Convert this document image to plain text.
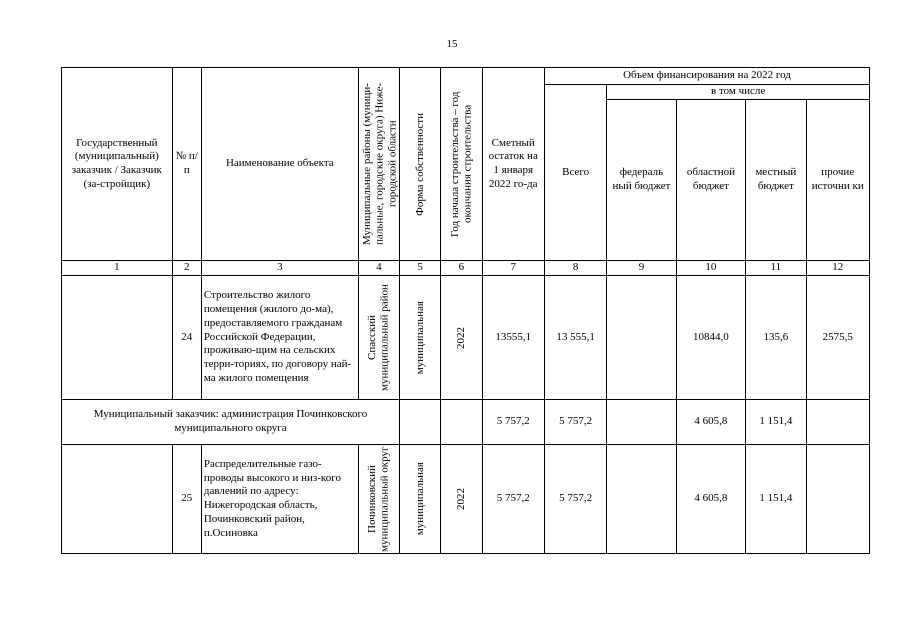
15
Государственный (муниципальный) заказчик / Заказчик (за-стройщик)	№ п/п	Наименование объекта	Муниципальные районы (муници-пальные, городские округа) Ниже-городской области	Форма собственности	Год начала строительства – год окончания строительства	Сметный остаток на 1 января 2022 го-да	Объем финансирования на 2022 год				
							Всего	в том числе			
								федераль ный бюджет	областной бюджет	местный бюджет	прочие источни ки
1	2	3	4	5	6	7	8	9	10	11	12
	24	Строительство жилого помещения (жилого до-ма), предоставляемого гражданам Российской Федерации, проживаю-щим на сельских терри-ториях, по договору най-ма жилого помещения	Спасский муниципальный район	муниципальная	2022	13555,1	13 555,1		10844,0	135,6	2575,5
Муниципальный заказчик: администрация Починковского муниципального округа						5 757,2	5 757,2		4 605,8	1 151,4	
	25	Распределительные газо-проводы высокого и низ-кого давлений по адресу: Нижегородская область, Починковский район, п.Осиновка	Починковский муниципальный округ	муниципальная	2022	5 757,2	5 757,2		4 605,8	1 151,4	
